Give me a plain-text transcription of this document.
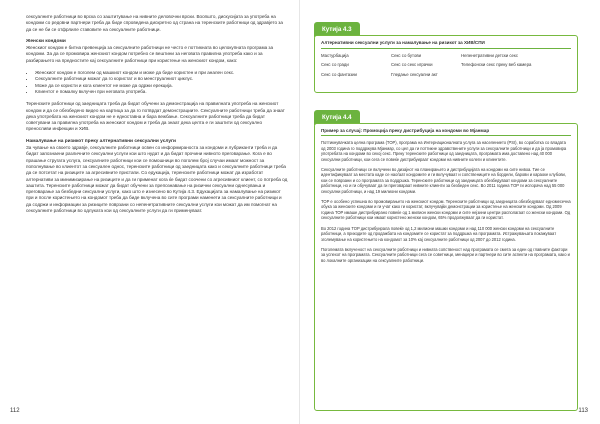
сексуалните работници во врска со заштитување на нивните деловочни врски. Воопшто, дискусијата за употреба на кондоми со редовни партнери треба да биде спроведена дискретно од страна на теренските работници од здравјето за да се не би се отфрлиле ставовите на сексуалните работници.

Женски кондоми

Женскиот кондом е битна превенција за сексуалните работници не често е поттикната во целокупната програма за кондоми. За да се промовира женскиот кондом потребно се вештини за неговата правилна употреба како и за разбирањето на предностите кај сексуалните работници при користење на женскиот кондом, како:

• Женскиот кондом е поголем од машкиот кондом и може да биде користен и при анален секс.
• Сексуалните работници можат да го користат и во менструалниот циклус.
• Може да се користи и кога клиентот не може да одржи ерекција.
• Клиентот е помалку вклучен при неговата употреба.

Теренските работници од заедницата треба да бидат обучени за демонстрација на правилната употреба на женскиот кондом и да се обезбедено видео на картица за да го потврдат демонстрациите. Сексуалните работници треба да знаат дека употребата на женскиот кондом не е едноставна и бара вежбање. Сексуалните работници треба да бидат советувани за правилна употреба на женскиот кондом и треба да знаат дека целта е ги заштити од сексуално преносливи инфекции и ХИВ.

Намалување на ризикот преку алтернативни сексуални услуги

За чување на своето здравје, сексуалните работници освен со информираноста за кондоми и лубриканти треба и да бидат запознаени различните сексуални услуги кои што нудат и да бидат прочини нивното преговарање. Кога е во прашање стругата услуга, сексуалните работници кои се помошници во поголем број случаи имаат можност за пополнување во клиентот за сексуален однос, теренските работници од заедницата како и сексуалните работници треба да се потсетат на ризиците за агресивните пристапи. Со едукација, теренските работници можат да изработат алтернативи за минимизирање на ризиците и да ги применат кога ќе бидат соочени со агресивниот клиент, со потреба од заштита. Теренските работници можат да бидат обучени за препознавање на ризични сексуални однесувања и преговарање за безбедни сексуални услуги, како што е изнесено во Кутија 4.3. Едукацијата за намалување на ризикот при и после користењето на кондомот треба да биде вклучена во сите програми наменети за сексуалните работници и да содржи и информации за ризиците поврзани со непенетративните сексуални услуги кои можат да им помогнат на сексуалните работници во одлуката кои од сексуалните услуги да ги применуваат.

112
Кутија 4.3
Алтернативни сексуални услуги за намалување на ризикот за ХИВ/СПИ
Мастурбација	Секс со бутови	Непенетративни детски секс
Секс со гради	Секс со секс играчки	Телефонски секс преку веб камера
Секс со фантазии	Гледање сексуални акт
Кутија 4.4
Пример за случај: Промоција преку дистрибуција на кондоми во Мјанмар

Поттикнувачката целна програма (TOP), програма на Интернационалната услуга за населението (PSI), во соработка со владата од 2003 година го поддржува Мјанмар, со цел да ги поттикне здравствените услуги за сексуалните работници и да ја промовира употребата на кондоми во секој секс. Преку теренските работници од заедницата, програмата има доставено над 40 000 сексуални работници, кои сега се повеќе дистрибуираат кондоми на нивните колеги и клиентите.

Сексуалните работници се вклучени во дизајнот на планирањето и дистрибуцијата на кондоми на сите нивоа. Тие се идентификуваат за местата каде се наоѓаат кондомите и ги вклучуваат и сопствениците на бордели, барови и караоке клубови, кои се поврзани и со програмата за поддршка. Теренските работници од заедницата обезбедуваат кондоми за сексуалните работници, но и ги обучуваат да ги преговараат нивните клиенти за безбеден секс. Во 2011 година TOP ги испорача над 55 000 сексуални работници, и над 19 милиони кондоми.

TOP е особено успешна во промовирањето на женскиот кондом. Теренските работници од заедницата обезбедуваат едномесечна обука за женските кондоми и ги учат како ги користат, вклучувајќи демонстрации за користење на женските кондоми. Од 2009 година TOP имаше дистрибуирано повеќе од 1 милион женски кондоми и сите нејзини центри располагаат со женски кондоми. Од сексуалните работници кои имаат користено женски кондом, 65% продолжуваат да ги користат.

Во 2012 година TOP дистрибуирала повеќе од 1,2 милиони машки кондоми и над 110 000 женски кондоми на сексуалните работници, а приходите од продажбата на кондомите се користат за поддршка на програмата. Истражувањата покажуваат зголемување на користењето на кондомот за 10% кај сексуалните работници од 2007 до 2012 година.

Поголемата вклученост на сексуалните работници и нивната сопственост над програмата се смета за еден од главните фактори за успехот на програмата. Сексуалните работници сега се советници, менаџери и партнери во сите аспекти на програмата, како и во локалните организации на сексуалните работници.

113
